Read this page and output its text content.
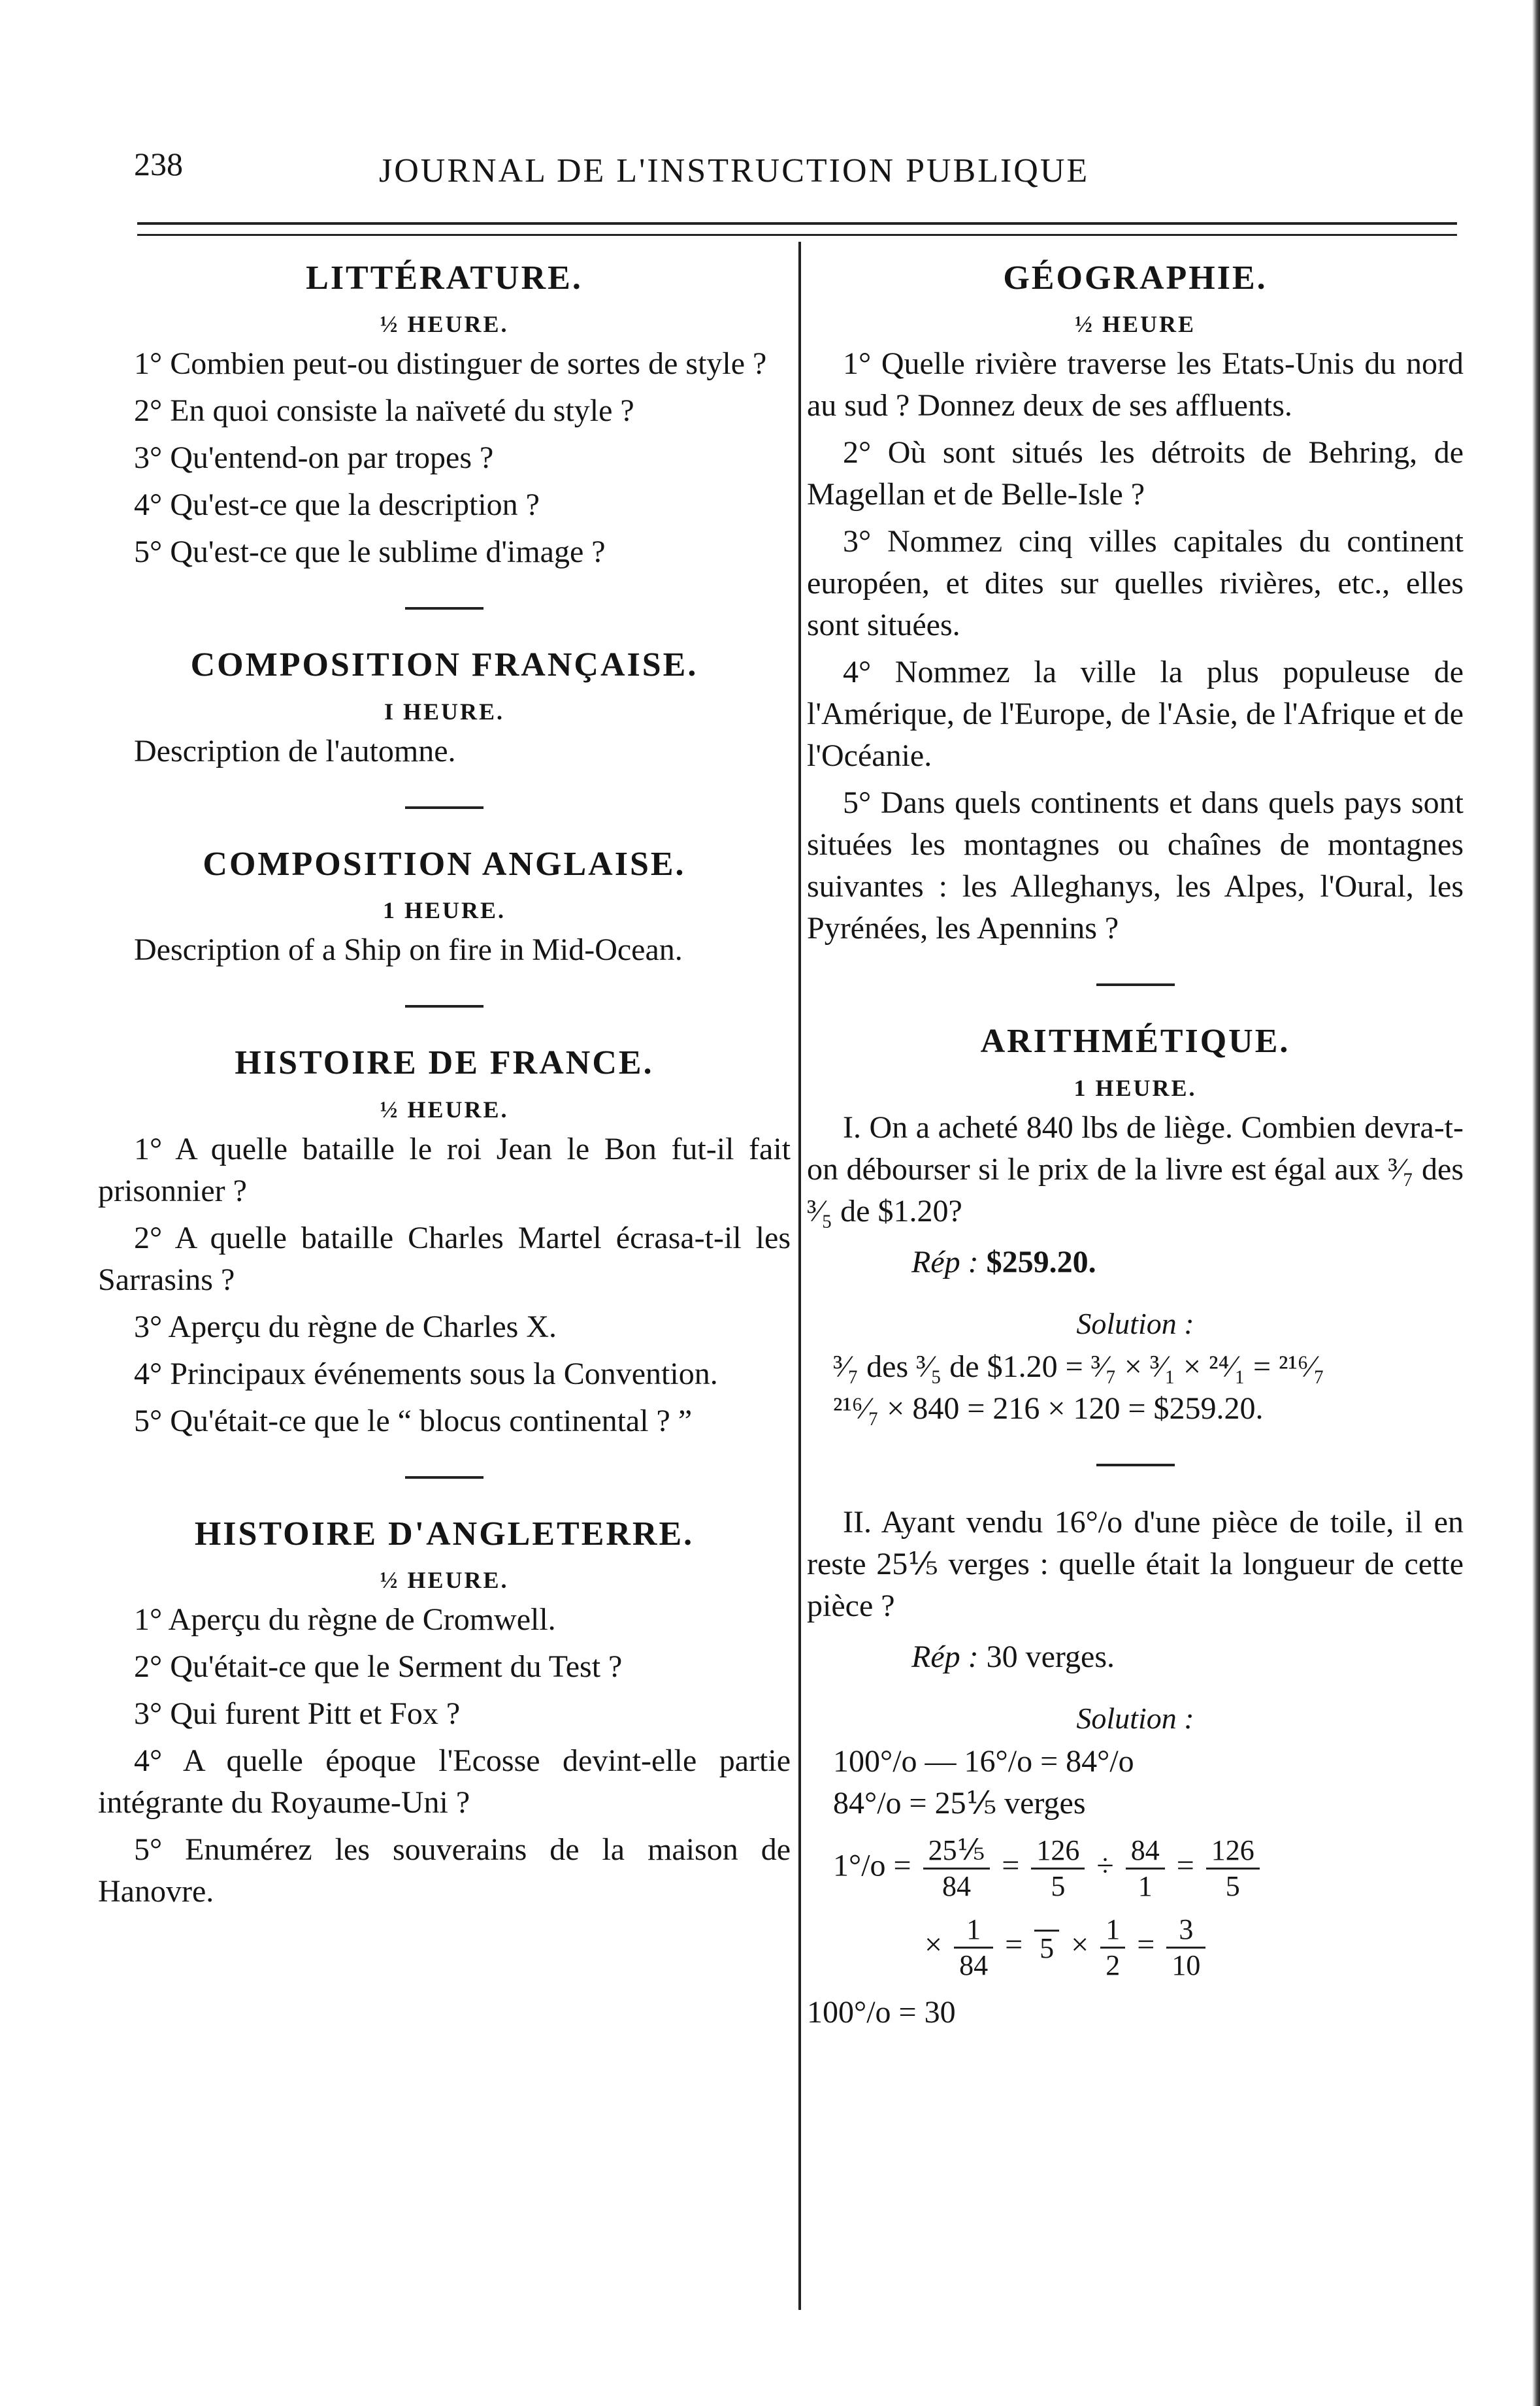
238	JOURNAL DE L'INSTRUCTION PUBLIQUE
LITTÉRATURE.
½ HEURE.

1° Combien peut-ou distinguer de sortes de style ?

2° En quoi consiste la naïveté du style ?

3° Qu'entend-on par tropes ?

4° Qu'est-ce que la description ?

5° Qu'est-ce que le sublime d'image ?

COMPOSITION FRANÇAISE.
I HEURE.

Description de l'automne.

COMPOSITION ANGLAISE.
1 HEURE.

Description of a Ship on fire in Mid-Ocean.

HISTOIRE DE FRANCE.
½ HEURE.

1° A quelle bataille le roi Jean le Bon fut-il fait prisonnier ?

2° A quelle bataille Charles Martel écrasa-t-il les Sarrasins ?

3° Aperçu du règne de Charles X.

4° Principaux événements sous la Convention.

5° Qu'était-ce que le “ blocus continental ? ”

HISTOIRE D'ANGLETERRE.
½ HEURE.

1° Aperçu du règne de Cromwell.

2° Qu'était-ce que le Serment du Test ?

3° Qui furent Pitt et Fox ?

4° A quelle époque l'Ecosse devint-elle partie intégrante du Royaume-Uni ?

5° Enumérez les souverains de la maison de Hanovre.

GÉOGRAPHIE.
½ HEURE

1° Quelle rivière traverse les Etats-Unis du nord au sud ? Donnez deux de ses affluents.

2° Où sont situés les détroits de Behring, de Magellan et de Belle-Isle ?

3° Nommez cinq villes capitales du continent européen, et dites sur quelles rivières, etc., elles sont situées.

4° Nommez la ville la plus populeuse de l'Amérique, de l'Europe, de l'Asie, de l'Afrique et de l'Océanie.

5° Dans quels continents et dans quels pays sont situées les montagnes ou chaînes de montagnes suivantes : les Alleghanys, les Alpes, l'Oural, les Pyrénées, les Apennins ?

ARITHMÉTIQUE.
1 HEURE.

I. On a acheté 840 lbs de liège. Combien devra-t-on débourser si le prix de la livre est égal aux ³⁄₇ des ³⁄₅ de $1.20?

Rép : $259.20.
Solution :
³⁄₇ des ³⁄₅ de $1.20 = ³⁄₇ × ³⁄₁ × ²⁴⁄₁ = ²¹⁶⁄₇
²¹⁶⁄₇ × 840 = 216 × 120 = $259.20.

II. Ayant vendu 16°/o d'une pièce de toile, il en reste 25⅕ verges : quelle était la longueur de cette pièce ?

Rép : 30 verges.
Solution :
100°/o — 16°/o = 84°/o
84°/o = 25⅕ verges
$1^\circ/o = \frac{\text{25⅕}}{84} = \frac{126}{5} \div \frac{84}{1} = \frac{126}{5}$
× $\frac{1}{84} = 5 \times \frac{1}{2} = \frac{3}{10}$
100°/o = 30
